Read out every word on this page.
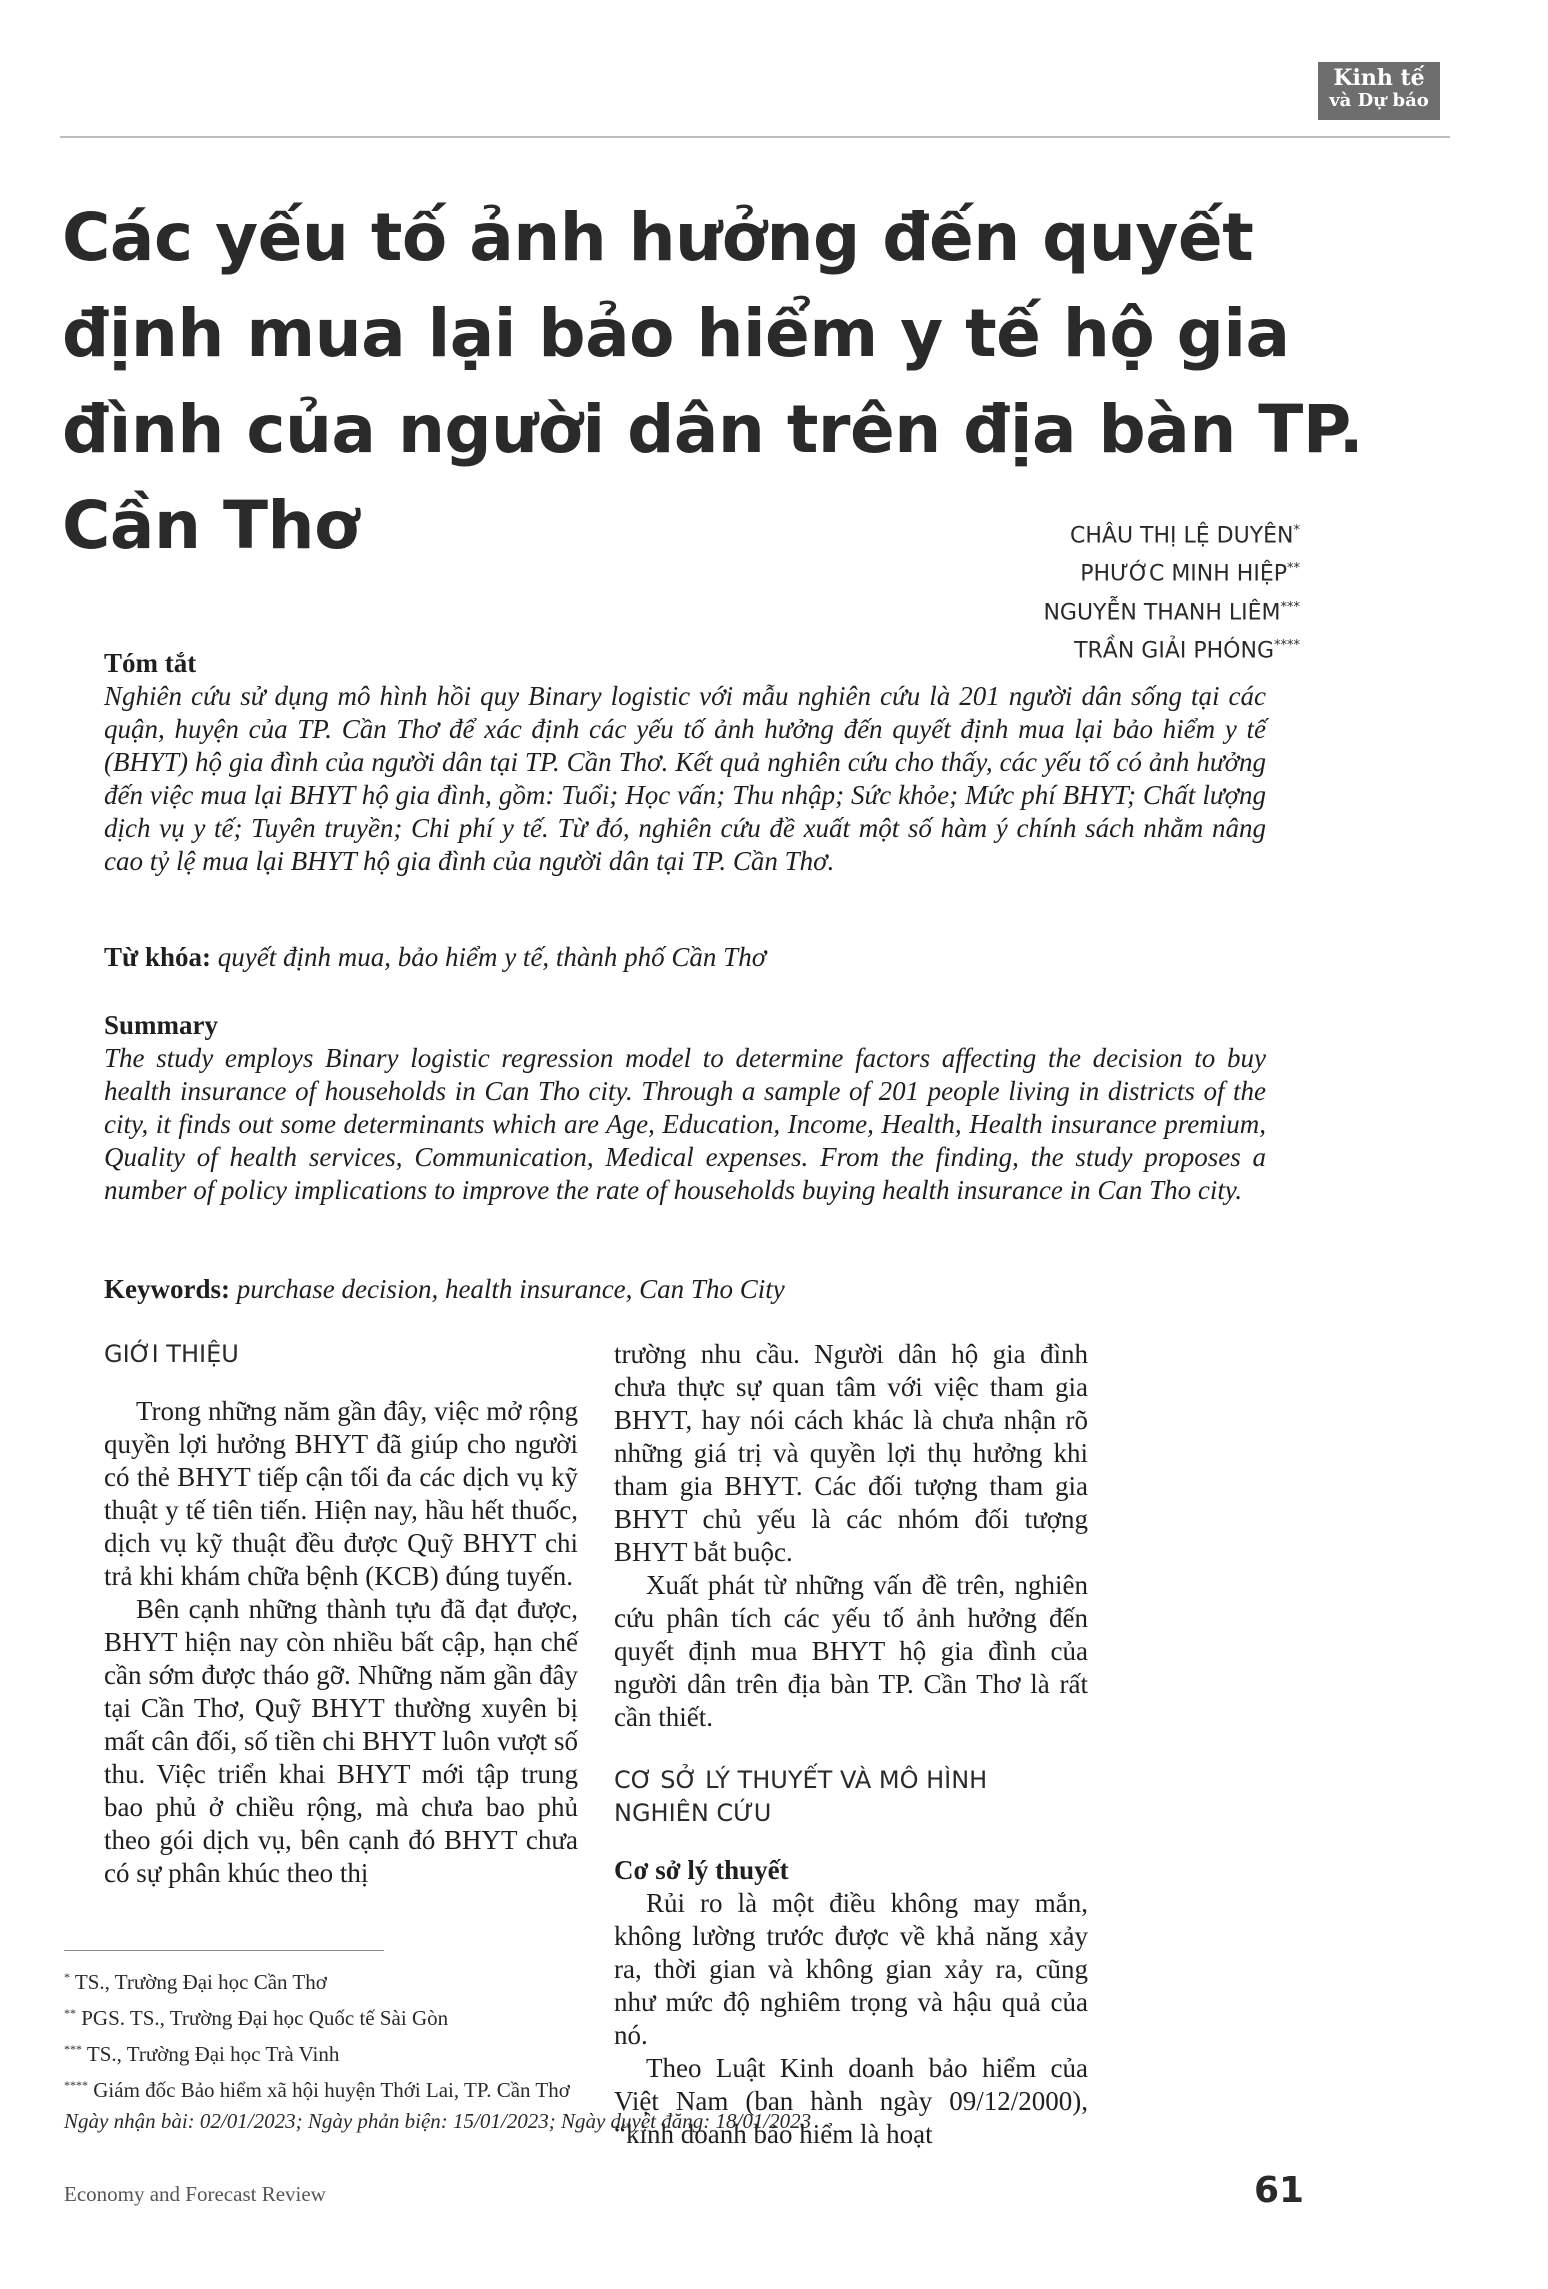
Kinh tế
và Dự báo
Các yếu tố ảnh hưởng đến quyết định mua lại bảo hiểm y tế hộ gia đình của người dân trên địa bàn TP. Cần Thơ	CHÂU THỊ LỆ DUYÊN*
PHƯỚC MINH HIỆP**
NGUYỄN THANH LIÊM***
TRẦN GIẢI PHÓNG****
Tóm tắt

Nghiên cứu sử dụng mô hình hồi quy Binary logistic với mẫu nghiên cứu là 201 người dân sống tại các quận, huyện của TP. Cần Thơ để xác định các yếu tố ảnh hưởng đến quyết định mua lại bảo hiểm y tế (BHYT) hộ gia đình của người dân tại TP. Cần Thơ. Kết quả nghiên cứu cho thấy, các yếu tố có ảnh hưởng đến việc mua lại BHYT hộ gia đình, gồm: Tuổi; Học vấn; Thu nhập; Sức khỏe; Mức phí BHYT; Chất lượng dịch vụ y tế; Tuyên truyền; Chi phí y tế. Từ đó, nghiên cứu đề xuất một số hàm ý chính sách nhằm nâng cao tỷ lệ mua lại BHYT hộ gia đình của người dân tại TP. Cần Thơ.

Từ khóa: quyết định mua, bảo hiểm y tế, thành phố Cần Thơ
Summary

The study employs Binary logistic regression model to determine factors affecting the decision to buy health insurance of households in Can Tho city. Through a sample of 201 people living in districts of the city, it finds out some determinants which are Age, Education, Income, Health, Health insurance premium, Quality of health services, Communication, Medical expenses. From the finding, the study proposes a number of policy implications to improve the rate of households buying health insurance in Can Tho city.

Keywords: purchase decision, health insurance, Can Tho City
GIỚI THIỆU

Trong những năm gần đây, việc mở rộng quyền lợi hưởng BHYT đã giúp cho người có thẻ BHYT tiếp cận tối đa các dịch vụ kỹ thuật y tế tiên tiến. Hiện nay, hầu hết thuốc, dịch vụ kỹ thuật đều được Quỹ BHYT chi trả khi khám chữa bệnh (KCB) đúng tuyến.

Bên cạnh những thành tựu đã đạt được, BHYT hiện nay còn nhiều bất cập, hạn chế cần sớm được tháo gỡ. Những năm gần đây tại Cần Thơ, Quỹ BHYT thường xuyên bị mất cân đối, số tiền chi BHYT luôn vượt số thu. Việc triển khai BHYT mới tập trung bao phủ ở chiều rộng, mà chưa bao phủ theo gói dịch vụ, bên cạnh đó BHYT chưa có sự phân khúc theo thị

trường nhu cầu. Người dân hộ gia đình chưa thực sự quan tâm với việc tham gia BHYT, hay nói cách khác là chưa nhận rõ những giá trị và quyền lợi thụ hưởng khi tham gia BHYT. Các đối tượng tham gia BHYT chủ yếu là các nhóm đối tượng BHYT bắt buộc.

Xuất phát từ những vấn đề trên, nghiên cứu phân tích các yếu tố ảnh hưởng đến quyết định mua BHYT hộ gia đình của người dân trên địa bàn TP. Cần Thơ là rất cần thiết.

CƠ SỞ LÝ THUYẾT VÀ MÔ HÌNH NGHIÊN CỨU
Cơ sở lý thuyết

Rủi ro là một điều không may mắn, không lường trước được về khả năng xảy ra, thời gian và không gian xảy ra, cũng như mức độ nghiêm trọng và hậu quả của nó.

Theo Luật Kinh doanh bảo hiểm của Việt Nam (ban hành ngày 09/12/2000), “kinh doanh bảo hiểm là hoạt

* TS., Trường Đại học Cần Thơ
** PGS. TS., Trường Đại học Quốc tế Sài Gòn
*** TS., Trường Đại học Trà Vinh
**** Giám đốc Bảo hiểm xã hội huyện Thới Lai, TP. Cần Thơ
Ngày nhận bài: 02/01/2023; Ngày phản biện: 15/01/2023; Ngày duyệt đăng: 18/01/2023
Economy and Forecast Review	61
